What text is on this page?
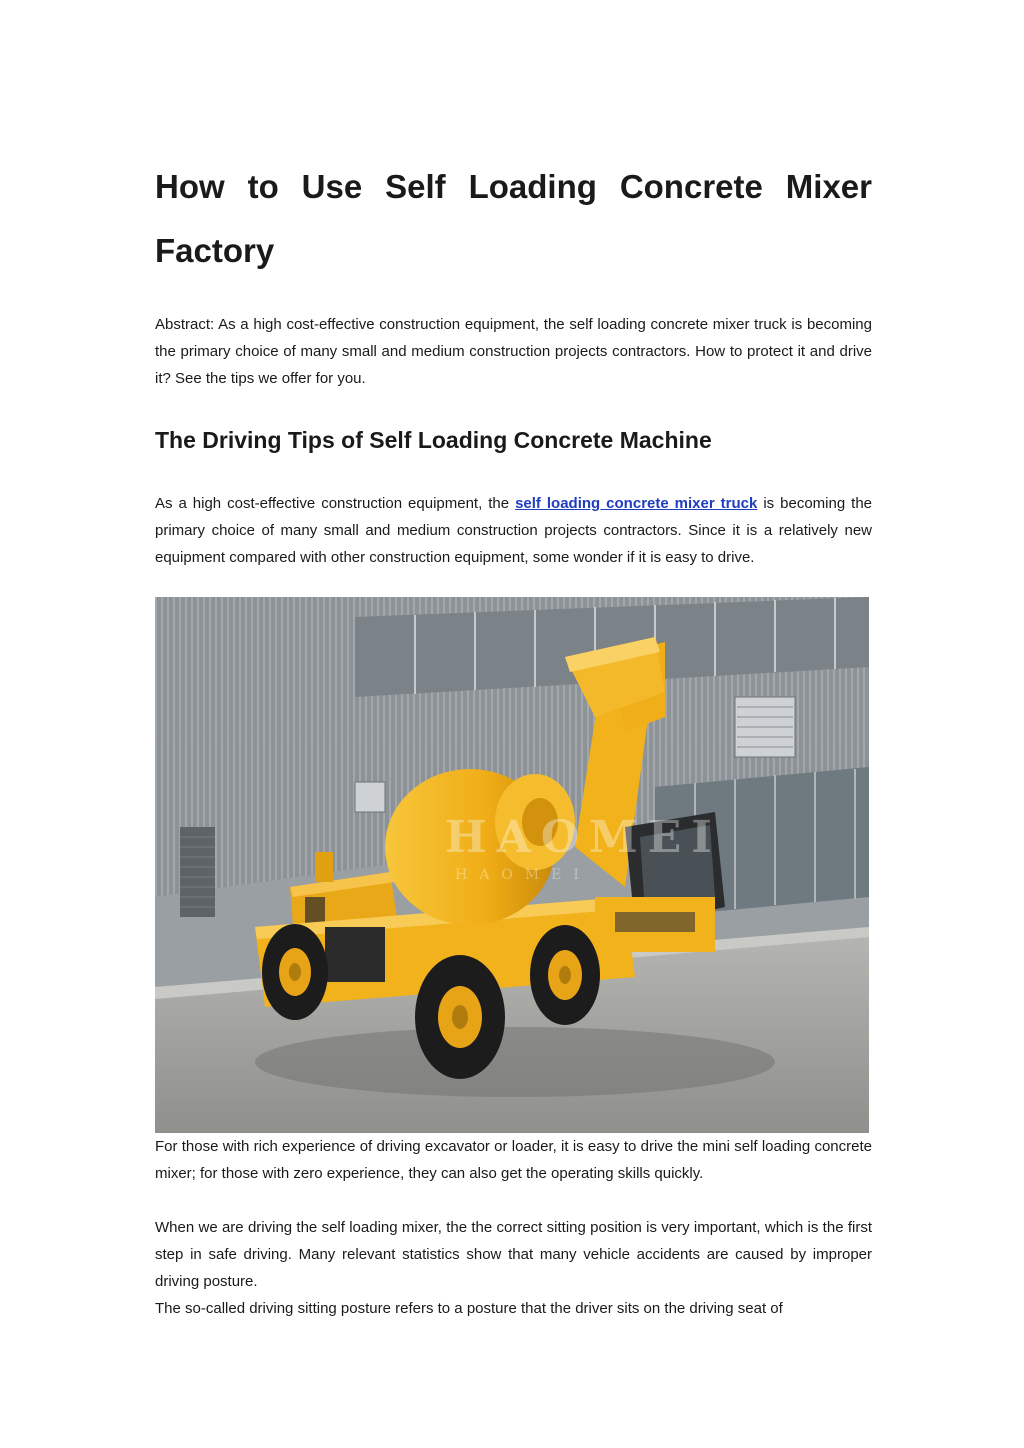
How to Use Self Loading Concrete Mixer Factory

Abstract: As a high cost-effective construction equipment, the self loading concrete mixer truck is becoming the primary choice of many small and medium construction projects contractors. How to protect it and drive it? See the tips we offer for you.

The Driving Tips of Self Loading Concrete Machine

As a high cost-effective construction equipment, the self loading concrete mixer truck is becoming the primary choice of many small and medium construction projects contractors. Since it is a relatively new equipment compared with other construction equipment, some wonder if it is easy to drive.

HAOMEI
HAOMEI

For those with rich experience of driving excavator or loader, it is easy to drive the mini self loading concrete mixer; for those with zero experience, they can also get the operating skills quickly.

When we are driving the self loading mixer, the the correct sitting position is very important, which is the first step in safe driving. Many relevant statistics show that many vehicle accidents are caused by improper driving posture.

The so-called driving sitting posture refers to a posture that the driver sits on the driving seat of
